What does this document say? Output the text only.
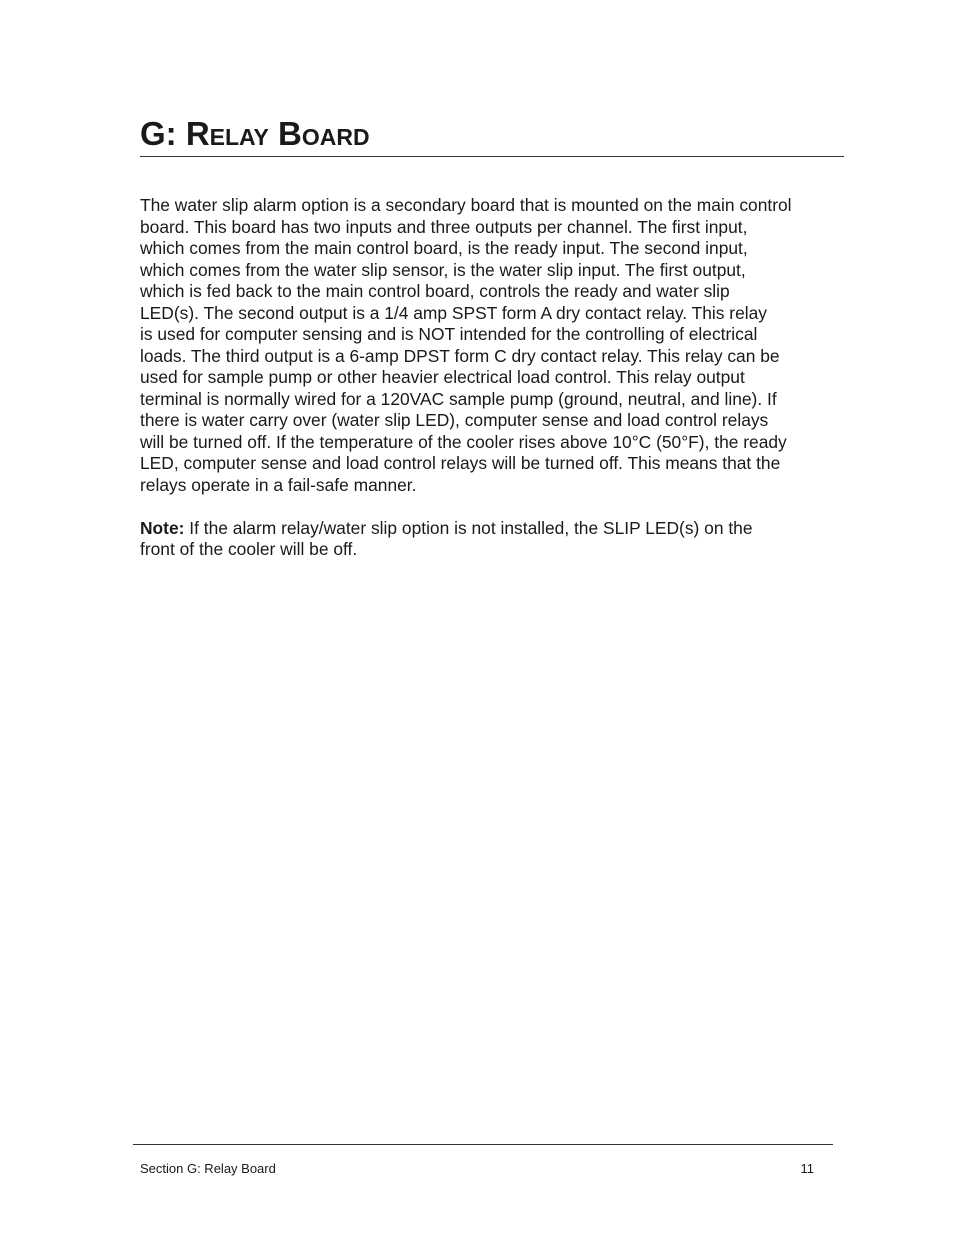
G: Relay Board

The water slip alarm option is a secondary board that is mounted on the main control
board. This board has two inputs and three outputs per channel. The first input,
which comes from the main control board, is the ready input. The second input,
which comes from the water slip sensor, is the water slip input. The first output,
which is fed back to the main control board, controls the ready and water slip
LED(s). The second output is a 1/4 amp SPST form A dry contact relay. This relay
is used for computer sensing and is NOT intended for the controlling of electrical
loads. The third output is a 6-amp DPST form C dry contact relay. This relay can be
used for sample pump or other heavier electrical load control. This relay output
terminal is normally wired for a 120VAC sample pump (ground, neutral, and line). If
there is water carry over (water slip LED), computer sense and load control relays
will be turned off. If the temperature of the cooler rises above 10°C (50°F), the ready
LED, computer sense and load control relays will be turned off. This means that the
relays operate in a fail-safe manner.

Note: If the alarm relay/water slip option is not installed, the SLIP LED(s) on the
front of the cooler will be off.

Section G: Relay Board	11
